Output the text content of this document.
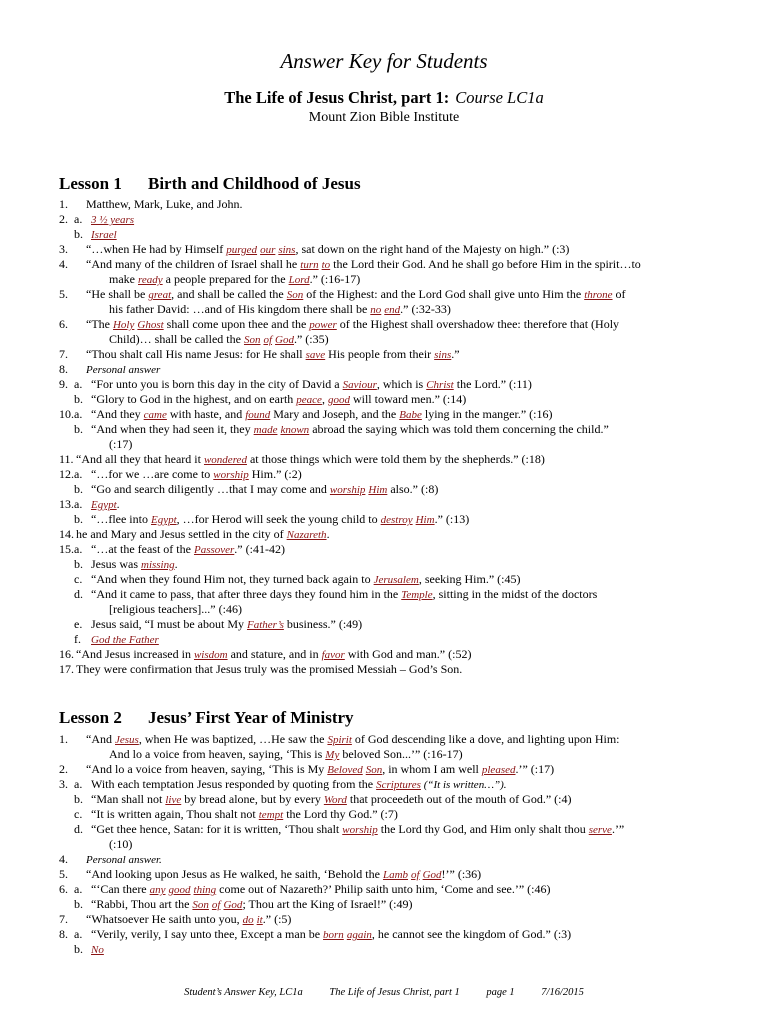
Answer Key for Students
The Life of Jesus Christ, part 1: Course LC1a
Mount Zion Bible Institute
Lesson 1 Birth and Childhood of Jesus
1. Matthew, Mark, Luke, and John.
2. a. 3 ½ years
b. Israel
3. “…when He had by Himself purged our sins, sat down on the right hand of the Majesty on high.” (:3)
4. “And many of the children of Israel shall he turn to the Lord their God. And he shall go before Him in the spirit…to
make ready a people prepared for the Lord.” (:16-17)
5. “He shall be great, and shall be called the Son of the Highest: and the Lord God shall give unto Him the throne of
his father David: …and of His kingdom there shall be no end.” (:32-33)
6. “The Holy Ghost shall come upon thee and the power of the Highest shall overshadow thee: therefore that (Holy
Child)… shall be called the Son of God.” (:35)
7. “Thou shalt call His name Jesus: for He shall save His people from their sins.”
8. Personal answer
9. a. “For unto you is born this day in the city of David a Saviour, which is Christ the Lord.” (:11)
b. “Glory to God in the highest, and on earth peace, good will toward men.” (:14)
10. a. “And they came with haste, and found Mary and Joseph, and the Babe lying in the manger.” (:16)
b. “And when they had seen it, they made known abroad the saying which was told them concerning the child.”
(:17)
11. “And all they that heard it wondered at those things which were told them by the shepherds.” (:18)
12. a. “…for we …are come to worship Him.” (:2)
b. “Go and search diligently …that I may come and worship Him also.” (:8)
13. a. Egypt.
b. “…flee into Egypt, …for Herod will seek the young child to destroy Him.” (:13)
14. he and Mary and Jesus settled in the city of Nazareth.
15. a. “…at the feast of the Passover.” (:41-42)
b. Jesus was missing.
c. “And when they found Him not, they turned back again to Jerusalem, seeking Him.” (:45)
d. “And it came to pass, that after three days they found him in the Temple, sitting in the midst of the doctors
[religious teachers]...” (:46)
e. Jesus said, “I must be about My Father’s business.” (:49)
f. God the Father
16. “And Jesus increased in wisdom and stature, and in favor with God and man.” (:52)
17. They were confirmation that Jesus truly was the promised Messiah – God’s Son.
Lesson 2 Jesus’ First Year of Ministry
1. “And Jesus, when He was baptized, …He saw the Spirit of God descending like a dove, and lighting upon Him:
And lo a voice from heaven, saying, ‘This is My beloved Son...’” (:16-17)
2. “And lo a voice from heaven, saying, ‘This is My Beloved Son, in whom I am well pleased.’” (:17)
3. a. With each temptation Jesus responded by quoting from the Scriptures (“It is written…”).
b. “Man shall not live by bread alone, but by every Word that proceedeth out of the mouth of God.” (:4)
c. “It is written again, Thou shalt not tempt the Lord thy God.” (:7)
d. “Get thee hence, Satan: for it is written, ‘Thou shalt worship the Lord thy God, and Him only shalt thou serve.’”
(:10)
4. Personal answer.
5. “And looking upon Jesus as He walked, he saith, ‘Behold the Lamb of God!’” (:36)
6. a. “‘Can there any good thing come out of Nazareth?’ Philip saith unto him, ‘Come and see.’” (:46)
b. “Rabbi, Thou art the Son of God; Thou art the King of Israel!” (:49)
7. “Whatsoever He saith unto you, do it.” (:5)
8. a. “Verily, verily, I say unto thee, Except a man be born again, he cannot see the kingdom of God.” (:3)
b. No
Student’s Answer Key, LC1a	The Life of Jesus Christ, part 1	page 1	7/16/2015
